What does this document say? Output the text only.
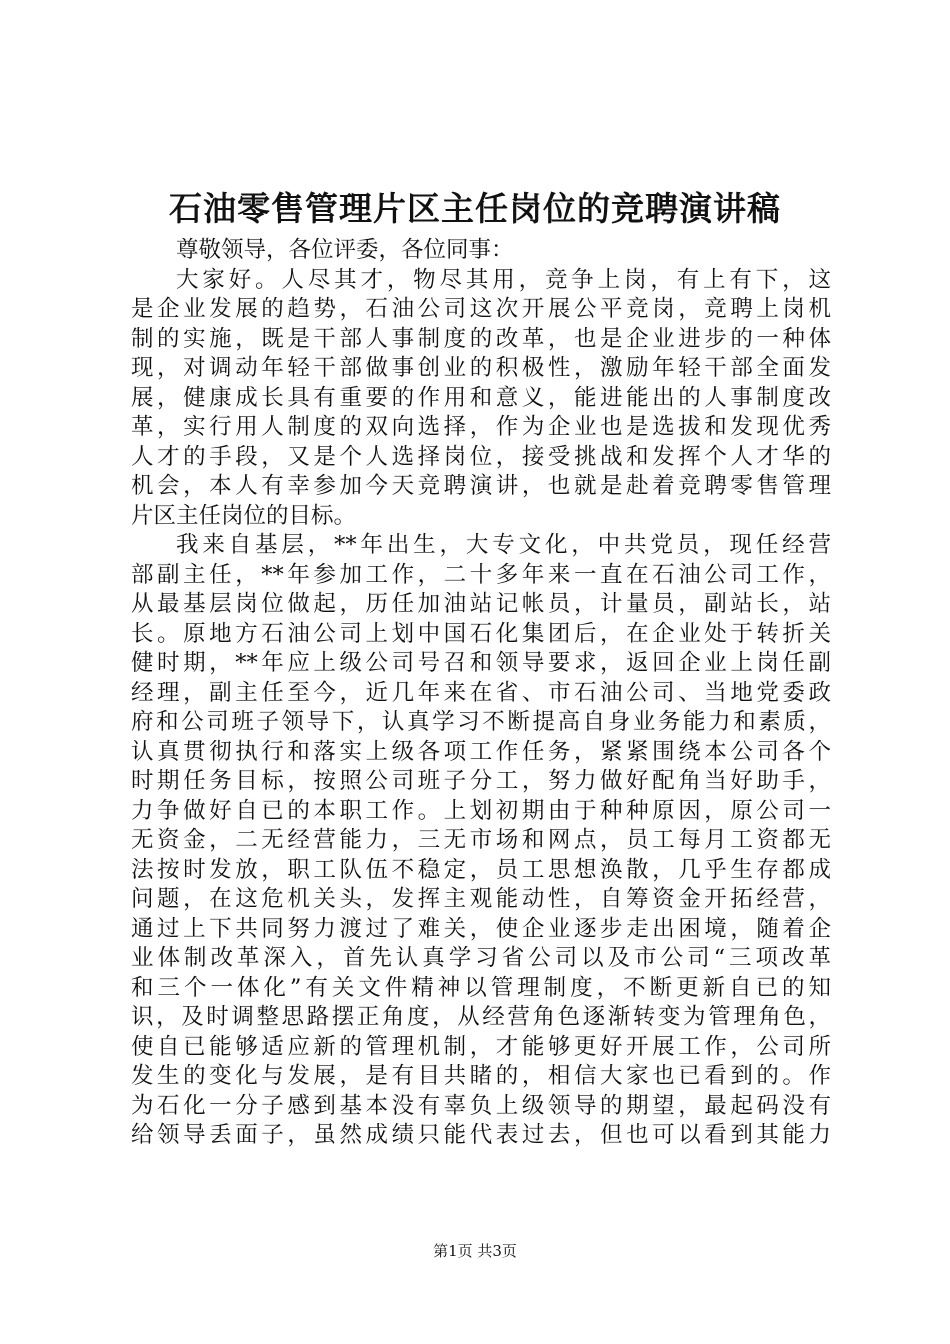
石油零售管理片区主任岗位的竞聘演讲稿
尊敬领导，各位评委，各位同事：
大家好。人尽其才，物尽其用，竞争上岗，有上有下，这
是企业发展的趋势，石油公司这次开展公平竞岗，竞聘上岗机
制的实施，既是干部人事制度的改革，也是企业进步的一种体
现，对调动年轻干部做事创业的积极性，激励年轻干部全面发
展，健康成长具有重要的作用和意义，能进能出的人事制度改
革，实行用人制度的双向选择，作为企业也是选拔和发现优秀
人才的手段，又是个人选择岗位，接受挑战和发挥个人才华的
机会，本人有幸参加今天竞聘演讲，也就是赴着竞聘零售管理
片区主任岗位的目标。
我来自基层，**年出生，大专文化，中共党员，现任经营
部副主任，**年参加工作，二十多年来一直在石油公司工作，
从最基层岗位做起，历任加油站记帐员，计量员，副站长，站
长。原地方石油公司上划中国石化集团后，在企业处于转折关
健时期，**年应上级公司号召和领导要求，返回企业上岗任副
经理，副主任至今，近几年来在省、市石油公司、当地党委政
府和公司班子领导下，认真学习不断提高自身业务能力和素质，
认真贯彻执行和落实上级各项工作任务，紧紧围绕本公司各个
时期任务目标，按照公司班子分工，努力做好配角当好助手，
力争做好自已的本职工作。上划初期由于种种原因，原公司一
无资金，二无经营能力，三无市场和网点，员工每月工资都无
法按时发放，职工队伍不稳定，员工思想涣散，几乎生存都成
问题，在这危机关头，发挥主观能动性，自筹资金开拓经营，
通过上下共同努力渡过了难关，使企业逐步走出困境，随着企
业体制改革深入，首先认真学习省公司以及市公司“三项改革
和三个一体化”有关文件精神以管理制度，不断更新自已的知
识，及时调整思路摆正角度，从经营角色逐渐转变为管理角色，
使自已能够适应新的管理机制，才能够更好开展工作，公司所
发生的变化与发展，是有目共睹的，相信大家也已看到的。作
为石化一分子感到基本没有辜负上级领导的期望，最起码没有
给领导丢面子，虽然成绩只能代表过去，但也可以看到其能力
第1页 共3页
